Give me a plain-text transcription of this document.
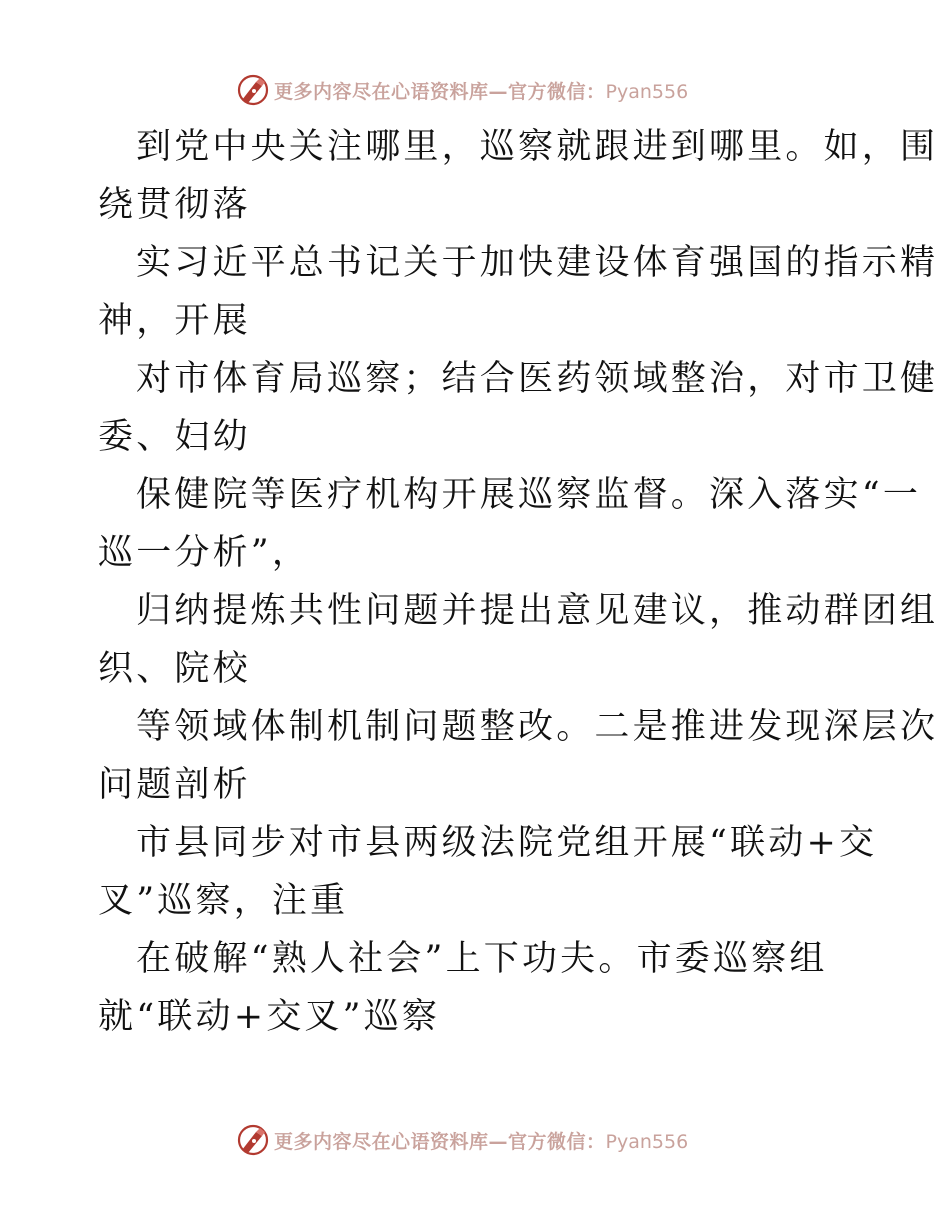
更多内容尽在心语资料库—官方微信：Pyan556

到党中央关注哪里，巡察就跟进到哪里。如，围
绕贯彻落

实习近平总书记关于加快建设体育强国的指示精
神，开展

对市体育局巡察；结合医药领域整治，对市卫健
委、妇幼

保健院等医疗机构开展巡察监督。深入落实“一
巡一分析”，

归纳提炼共性问题并提出意见建议，推动群团组
织、院校

等领域体制机制问题整改。二是推进发现深层次
问题剖析

市县同步对市县两级法院党组开展“联动+交
叉”巡察，注重

在破解“熟人社会”上下功夫。市委巡察组
就“联动+交叉”巡察

更多内容尽在心语资料库—官方微信：Pyan556
